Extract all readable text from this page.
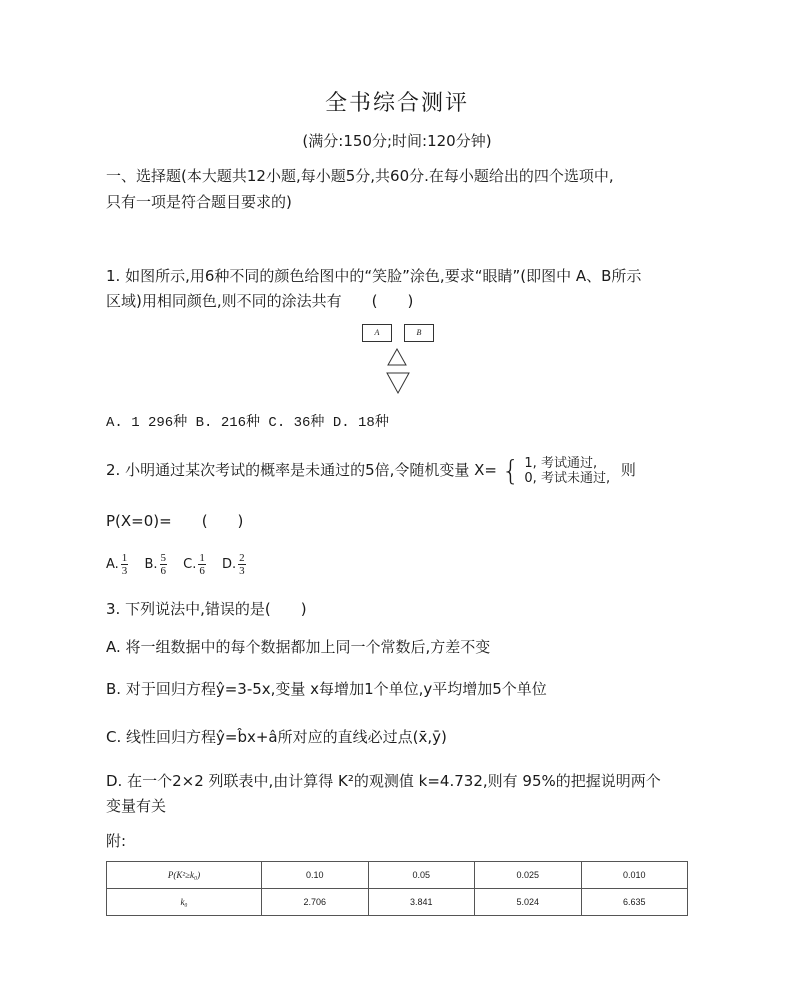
全书综合测评
(满分:150分;时间:120分钟)
一、选择题(本大题共12小题,每小题5分,共60分.在每小题给出的四个选项中,
只有一项是符合题目要求的)
1. 如图所示,用6种不同的颜色给图中的“笑脸”涂色,要求“眼睛”(即图中 A、B所示
区域)用相同颜色,则不同的涂法共有　　(　　)
A	B
A. 1 296种 B. 216种 C. 36种 D. 18种
2. 小明通过某次考试的概率是未通过的5倍,令随机变量 X= { 1, 考试通过,
0, 考试未通过, 则
P(X=0)=　　(　　)
A. $\frac{1}{3} B$. $\frac{5}{6} C$. $\frac{1}{6} D$. $\frac{2}{3}$
3. 下列说法中,错误的是(　　)
A. 将一组数据中的每个数据都加上同一个常数后,方差不变
B. 对于回归方程ŷ=3-5x,变量 x每增加1个单位,y平均增加5个单位
C. 线性回归方程ŷ=b̂x+â所对应的直线必过点(x̄,ȳ)
D. 在一个2×2 列联表中,由计算得 K²的观测值 k=4.732,则有 95%的把握说明两个
变量有关
附:
P(K²≥k₀)	0.10	0.05	0.025	0.010
k₀	2.706	3.841	5.024	6.635
